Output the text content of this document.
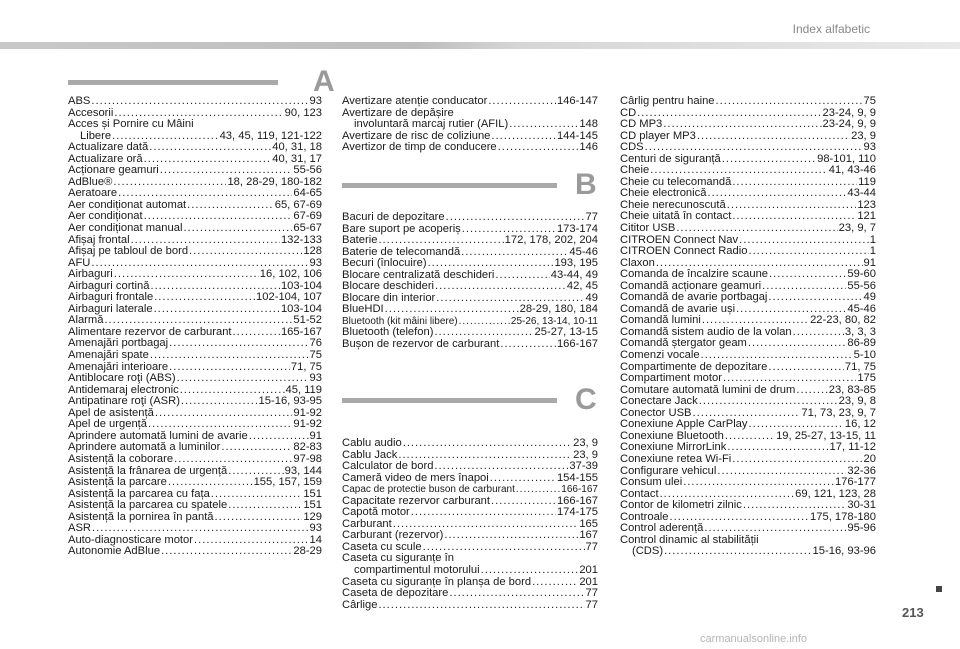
Index alfabetic
A
B
C
ABS .....	93
Accesorii .....	90, 123
Acces și Pornire cu Mâini
Libere .....	43, 45, 119, 121-122
Actualizare dată .....	40, 31, 18
Actualizare oră .....	40, 31, 17
Acționare geamuri .....	55-56
AdBlue® .....	18, 28-29, 180-182
Aeratoare .....	64-65
Aer condiționat automat .....	65, 67-69
Aer condiționat .....	67-69
Aer condiționat manual .....	65-67
Afișaj frontal .....	132-133
Afișaj pe tabloul de bord .....	128
AFU .....	93
Airbaguri .....	16, 102, 106
Airbaguri cortină .....	103-104
Airbaguri frontale .....	102-104, 107
Airbaguri laterale .....	103-104
Alarmă .....	51-52
Alimentare rezervor de carburant .....	165-167
Amenajări portbagaj .....	76
Amenajări spate .....	75
Amenajări interioare .....	71, 75
Antiblocare roţi (ABS) .....	93
Antidemaraj electronic .....	45, 119
Antipatinare roţi (ASR) .....	15-16, 93-95
Apel de asistență .....	91-92
Apel de urgență .....	91-92
Aprindere automată lumini de avarie .....	91
Aprindere automată a luminilor .....	82-83
Asistență la coborare .....	97-98
Asistență la frânarea de urgență .....	93, 144
Asistență la parcare .....	155, 157, 159
Asistență la parcarea cu fața .....	151
Asistență la parcarea cu spatele .....	151
Asistență la pornirea în pantă .....	129
ASR .....	93
Auto-diagnosticare motor .....	14
Autonomie AdBlue .....	28-29
Avertizare atenție conducator .....	146-147
Avertizare de depășire
involuntară marcaj rutier (AFIL) .....	148
Avertizare de risc de coliziune .....	144-145
Avertizor de timp de conducere .....	146
Bacuri de depozitare .....	77
Bare suport pe acoperiș .....	173-174
Baterie .....	172, 178, 202, 204
Baterie de telecomandă .....	45-46
Becuri (înlocuire) .....	193, 195
Blocare centralizată deschideri .....	43-44, 49
Blocare deschideri .....	42, 45
Blocare din interior .....	49
BlueHDI .....	28-29, 180, 184
Bluetooth (kit mâini libere) .....	25-26, 13-14, 10-11
Bluetooth (telefon) .....	25-27, 13-15
Bușon de rezervor de carburant .....	166-167
Cablu audio .....	23, 9
Cablu Jack .....	23, 9
Calculator de bord .....	37-39
Cameră video de mers înapoi .....	154-155
Capac de protectie buson de carburant .....	166-167
Capacitate rezervor carburant .....	166-167
Capotă motor .....	174-175
Carburant .....	165
Carburant (rezervor) .....	167
Caseta cu scule .....	77
Caseta cu siguranțe în
compartimentul motorului .....	201
Caseta cu siguranțe în planșa de bord .....	201
Caseta de depozitare .....	77
Cârlige .....	77
Cârlig pentru haine .....	75
CD .....	23-24, 9, 9
CD MP3 .....	23-24, 9, 9
CD player MP3 .....	23, 9
CDS .....	93
Centuri de siguranță .....	98-101, 110
Cheie .....	41, 43-46
Cheie cu telecomandă .....	119
Cheie electronică .....	43-44
Cheie nerecunoscută .....	123
Cheie uitată în contact .....	121
Cititor USB .....	23, 9, 7
CITROËN Connect Nav .....	1
CITROËN Connect Radio .....	1
Claxon .....	91
Comanda de încalzire scaune .....	59-60
Comandă acționare geamuri .....	55-56
Comandă de avarie portbagaj .....	49
Comandă de avarie uși .....	45-46
Comandă lumini .....	22-23, 80, 82
Comandă sistem audio de la volan .....	3, 3, 3
Comandă ștergator geam .....	86-89
Comenzi vocale .....	5-10
Compartimente de depozitare .....	71, 75
Compartiment motor .....	175
Comutare automată lumini de drum .....	23, 83-85
Conectare Jack .....	23, 9, 8
Conector USB .....	71, 73, 23, 9, 7
Conexiune Apple CarPlay .....	16, 12
Conexiune Bluetooth .....	19, 25-27, 13-15, 11
Conexiune MirrorLink .....	17, 11-12
Conexiune retea Wi-Fi .....	20
Configurare vehicul .....	32-36
Consum ulei .....	176-177
Contact .....	69, 121, 123, 28
Contor de kilometri zilnic .....	30-31
Controale .....	175, 178-180
Control aderență .....	95-96
Control dinamic al stabilității
(CDS) .....	15-16, 93-96
213
carmanualsonline.info
